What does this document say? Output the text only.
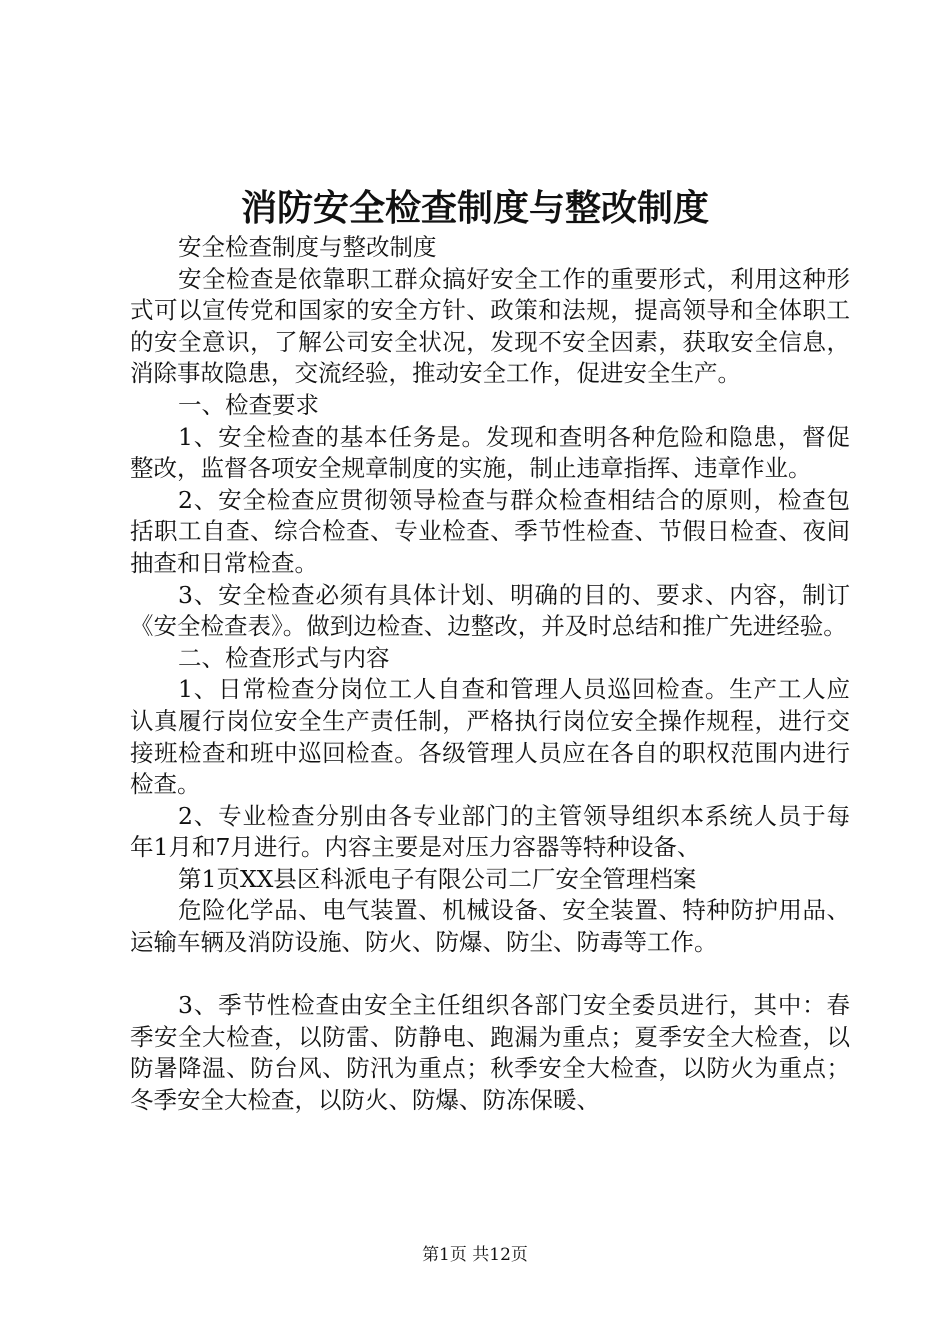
消防安全检查制度与整改制度

安全检查制度与整改制度

安全检查是依靠职工群众搞好安全工作的重要形式，利用这种形式可以宣传党和国家的安全方针、政策和法规，提高领导和全体职工的安全意识，了解公司安全状况，发现不安全因素，获取安全信息，消除事故隐患，交流经验，推动安全工作，促进安全生产。

一、检查要求

1、安全检查的基本任务是。发现和查明各种危险和隐患，督促整改，监督各项安全规章制度的实施，制止违章指挥、违章作业。

2、安全检查应贯彻领导检查与群众检查相结合的原则，检查包括职工自查、综合检查、专业检查、季节性检查、节假日检查、夜间抽查和日常检查。

3、安全检查必须有具体计划、明确的目的、要求、内容，制订《安全检查表》。做到边检查、边整改，并及时总结和推广先进经验。

二、检查形式与内容

1、日常检查分岗位工人自查和管理人员巡回检查。生产工人应认真履行岗位安全生产责任制，严格执行岗位安全操作规程，进行交接班检查和班中巡回检查。各级管理人员应在各自的职权范围内进行检查。

2、专业检查分别由各专业部门的主管领导组织本系统人员于每年1月和7月进行。内容主要是对压力容器等特种设备、

第1页XX县区科派电子有限公司二厂安全管理档案

危险化学品、电气装置、机械设备、安全装置、特种防护用品、运输车辆及消防设施、防火、防爆、防尘、防毒等工作。

3、季节性检查由安全主任组织各部门安全委员进行，其中：春季安全大检查，以防雷、防静电、跑漏为重点；夏季安全大检查，以防暑降温、防台风、防汛为重点；秋季安全大检查，以防火为重点；冬季安全大检查，以防火、防爆、防冻保暖、

第1页 共12页
